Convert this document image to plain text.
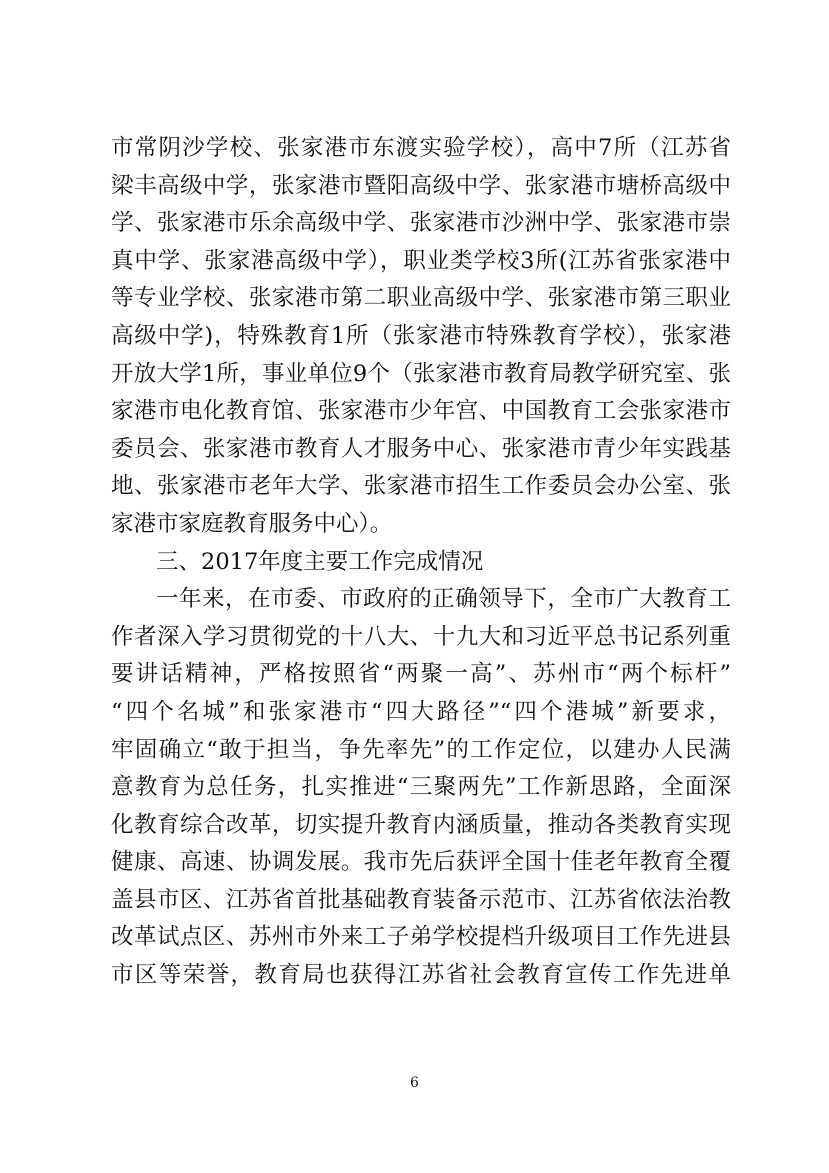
市常阴沙学校、张家港市东渡实验学校），高中7所（江苏省
梁丰高级中学，张家港市暨阳高级中学、张家港市塘桥高级中
学、张家港市乐余高级中学、张家港市沙洲中学、张家港市崇
真中学、张家港高级中学），职业类学校3所(江苏省张家港中
等专业学校、张家港市第二职业高级中学、张家港市第三职业
高级中学)，特殊教育1所（张家港市特殊教育学校），张家港
开放大学1所，事业单位9个（张家港市教育局教学研究室、张
家港市电化教育馆、张家港市少年宫、中国教育工会张家港市
委员会、张家港市教育人才服务中心、张家港市青少年实践基
地、张家港市老年大学、张家港市招生工作委员会办公室、张
家港市家庭教育服务中心）。
三、2017年度主要工作完成情况
一年来，在市委、市政府的正确领导下，全市广大教育工
作者深入学习贯彻党的十八大、十九大和习近平总书记系列重
要讲话精神，严格按照省“两聚一高”、苏州市“两个标杆”
“四个名城”和张家港市“四大路径”“四个港城”新要求，
牢固确立“敢于担当，争先率先”的工作定位，以建办人民满
意教育为总任务，扎实推进“三聚两先”工作新思路，全面深
化教育综合改革，切实提升教育内涵质量，推动各类教育实现
健康、高速、协调发展。我市先后获评全国十佳老年教育全覆
盖县市区、江苏省首批基础教育装备示范市、江苏省依法治教
改革试点区、苏州市外来工子弟学校提档升级项目工作先进县
市区等荣誉，教育局也获得江苏省社会教育宣传工作先进单
6
